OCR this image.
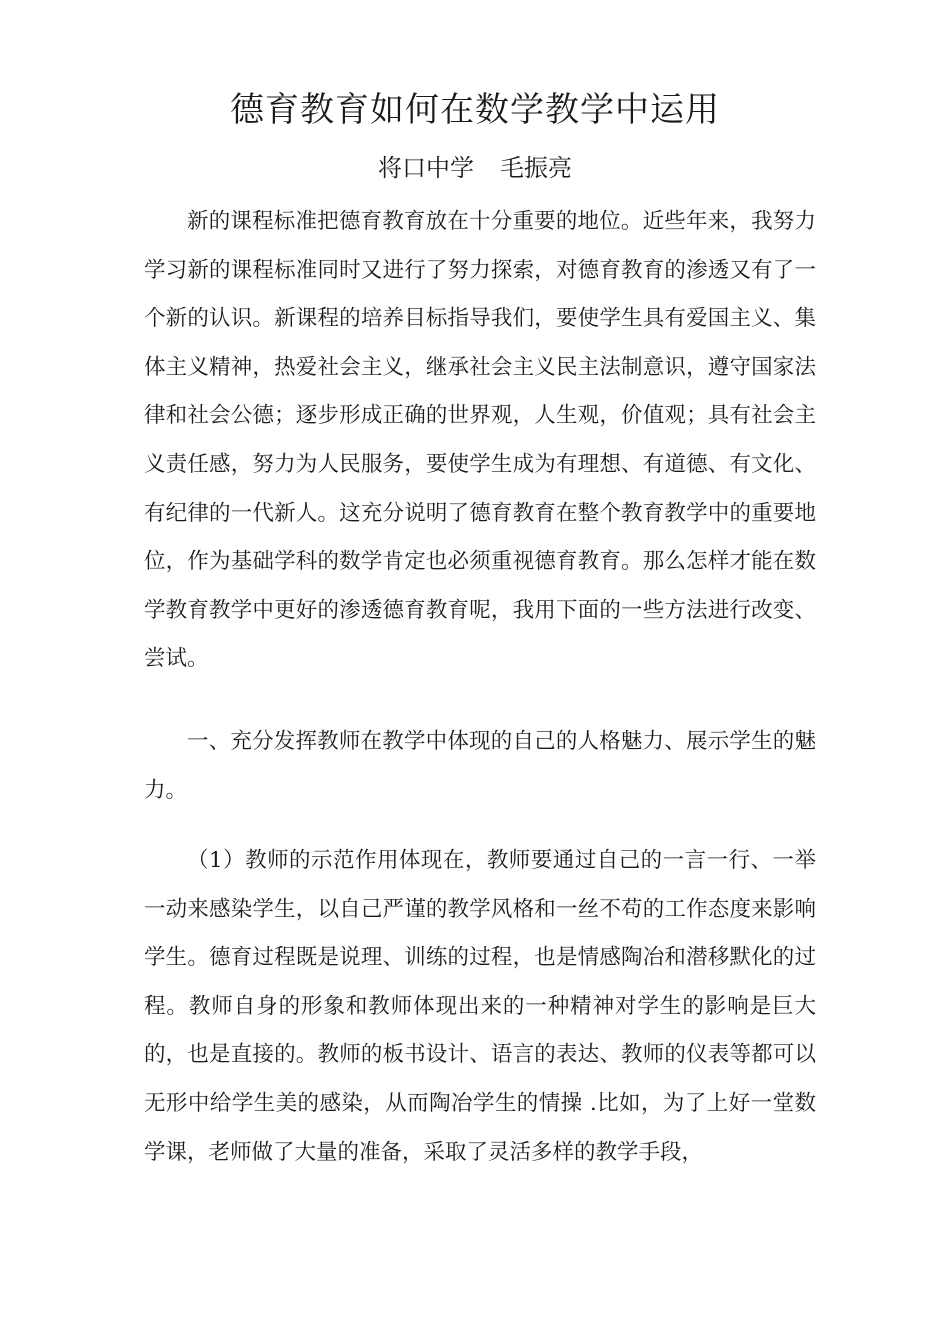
德育教育如何在数学教学中运用

将口中学 毛振亮

新的课程标准把德育教育放在十分重要的地位。近些年来，我努力学习新的课程标准同时又进行了努力探索，对德育教育的渗透又有了一个新的认识。新课程的培养目标指导我们，要使学生具有爱国主义、集体主义精神，热爱社会主义，继承社会主义民主法制意识，遵守国家法律和社会公德；逐步形成正确的世界观，人生观，价值观；具有社会主义责任感，努力为人民服务，要使学生成为有理想、有道德、有文化、有纪律的一代新人。这充分说明了德育教育在整个教育教学中的重要地位，作为基础学科的数学肯定也必须重视德育教育。那么怎样才能在数学教育教学中更好的渗透德育教育呢，我用下面的一些方法进行改变、尝试。

一、充分发挥教师在教学中体现的自己的人格魅力、展示学生的魅力。

（1）教师的示范作用体现在，教师要通过自己的一言一行、一举一动来感染学生，以自己严谨的教学风格和一丝不苟的工作态度来影响学生。德育过程既是说理、训练的过程，也是情感陶冶和潜移默化的过程。教师自身的形象和教师体现出来的一种精神对学生的影响是巨大的，也是直接的。教师的板书设计、语言的表达、教师的仪表等都可以无形中给学生美的感染，从而陶冶学生的情操 .比如，为了上好一堂数学课，老师做了大量的准备，采取了灵活多样的教学手段，
